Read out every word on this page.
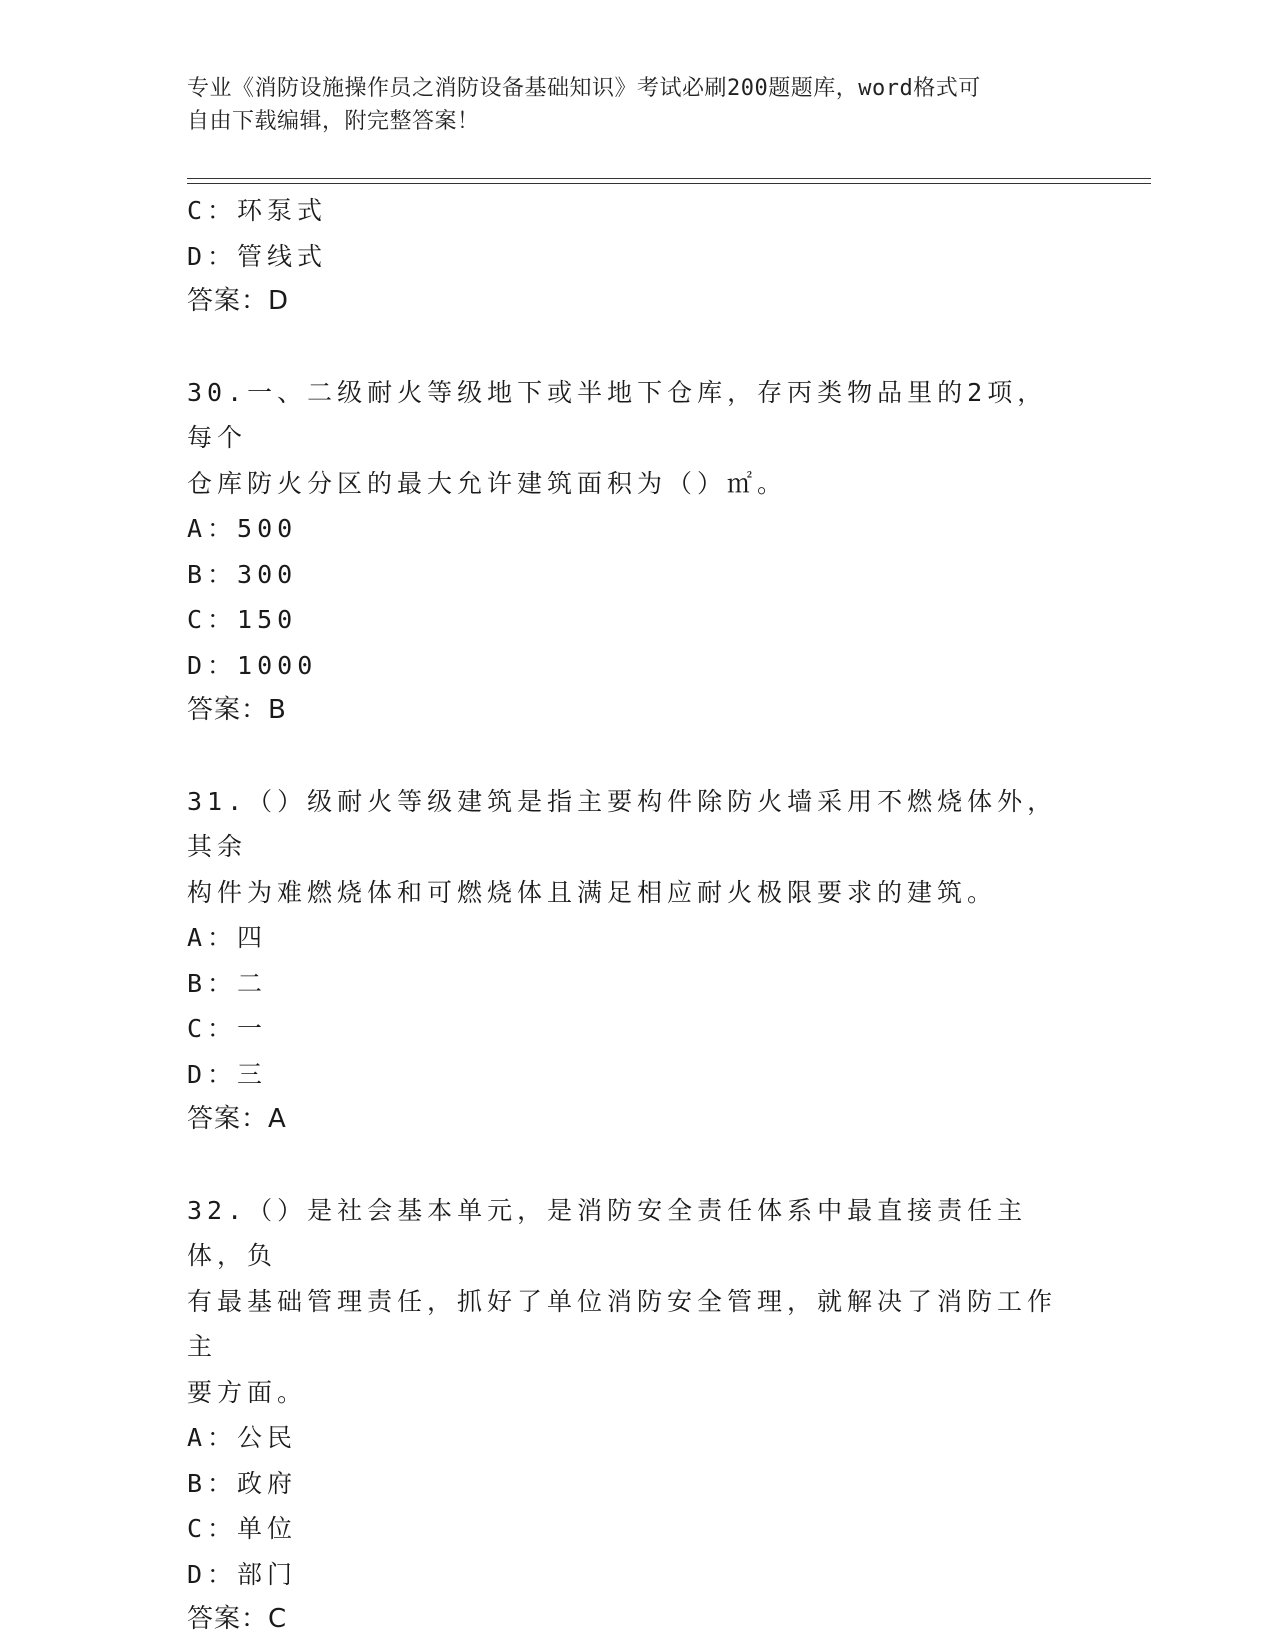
专业《消防设施操作员之消防设备基础知识》考试必刷200题题库，word格式可
自由下载编辑，附完整答案！
C：环泵式
D：管线式
答案：D
30.一、二级耐火等级地下或半地下仓库，存丙类物品里的2项，每个
仓库防火分区的最大允许建筑面积为（）㎡。
A：500
B：300
C：150
D：1000
答案：B
31.（）级耐火等级建筑是指主要构件除防火墙采用不燃烧体外，其余
构件为难燃烧体和可燃烧体且满足相应耐火极限要求的建筑。
A：四
B：二
C：一
D：三
答案：A
32.（）是社会基本单元，是消防安全责任体系中最直接责任主体，负
有最基础管理责任，抓好了单位消防安全管理，就解决了消防工作主
要方面。
A：公民
B：政府
C：单位
D：部门
答案：C
